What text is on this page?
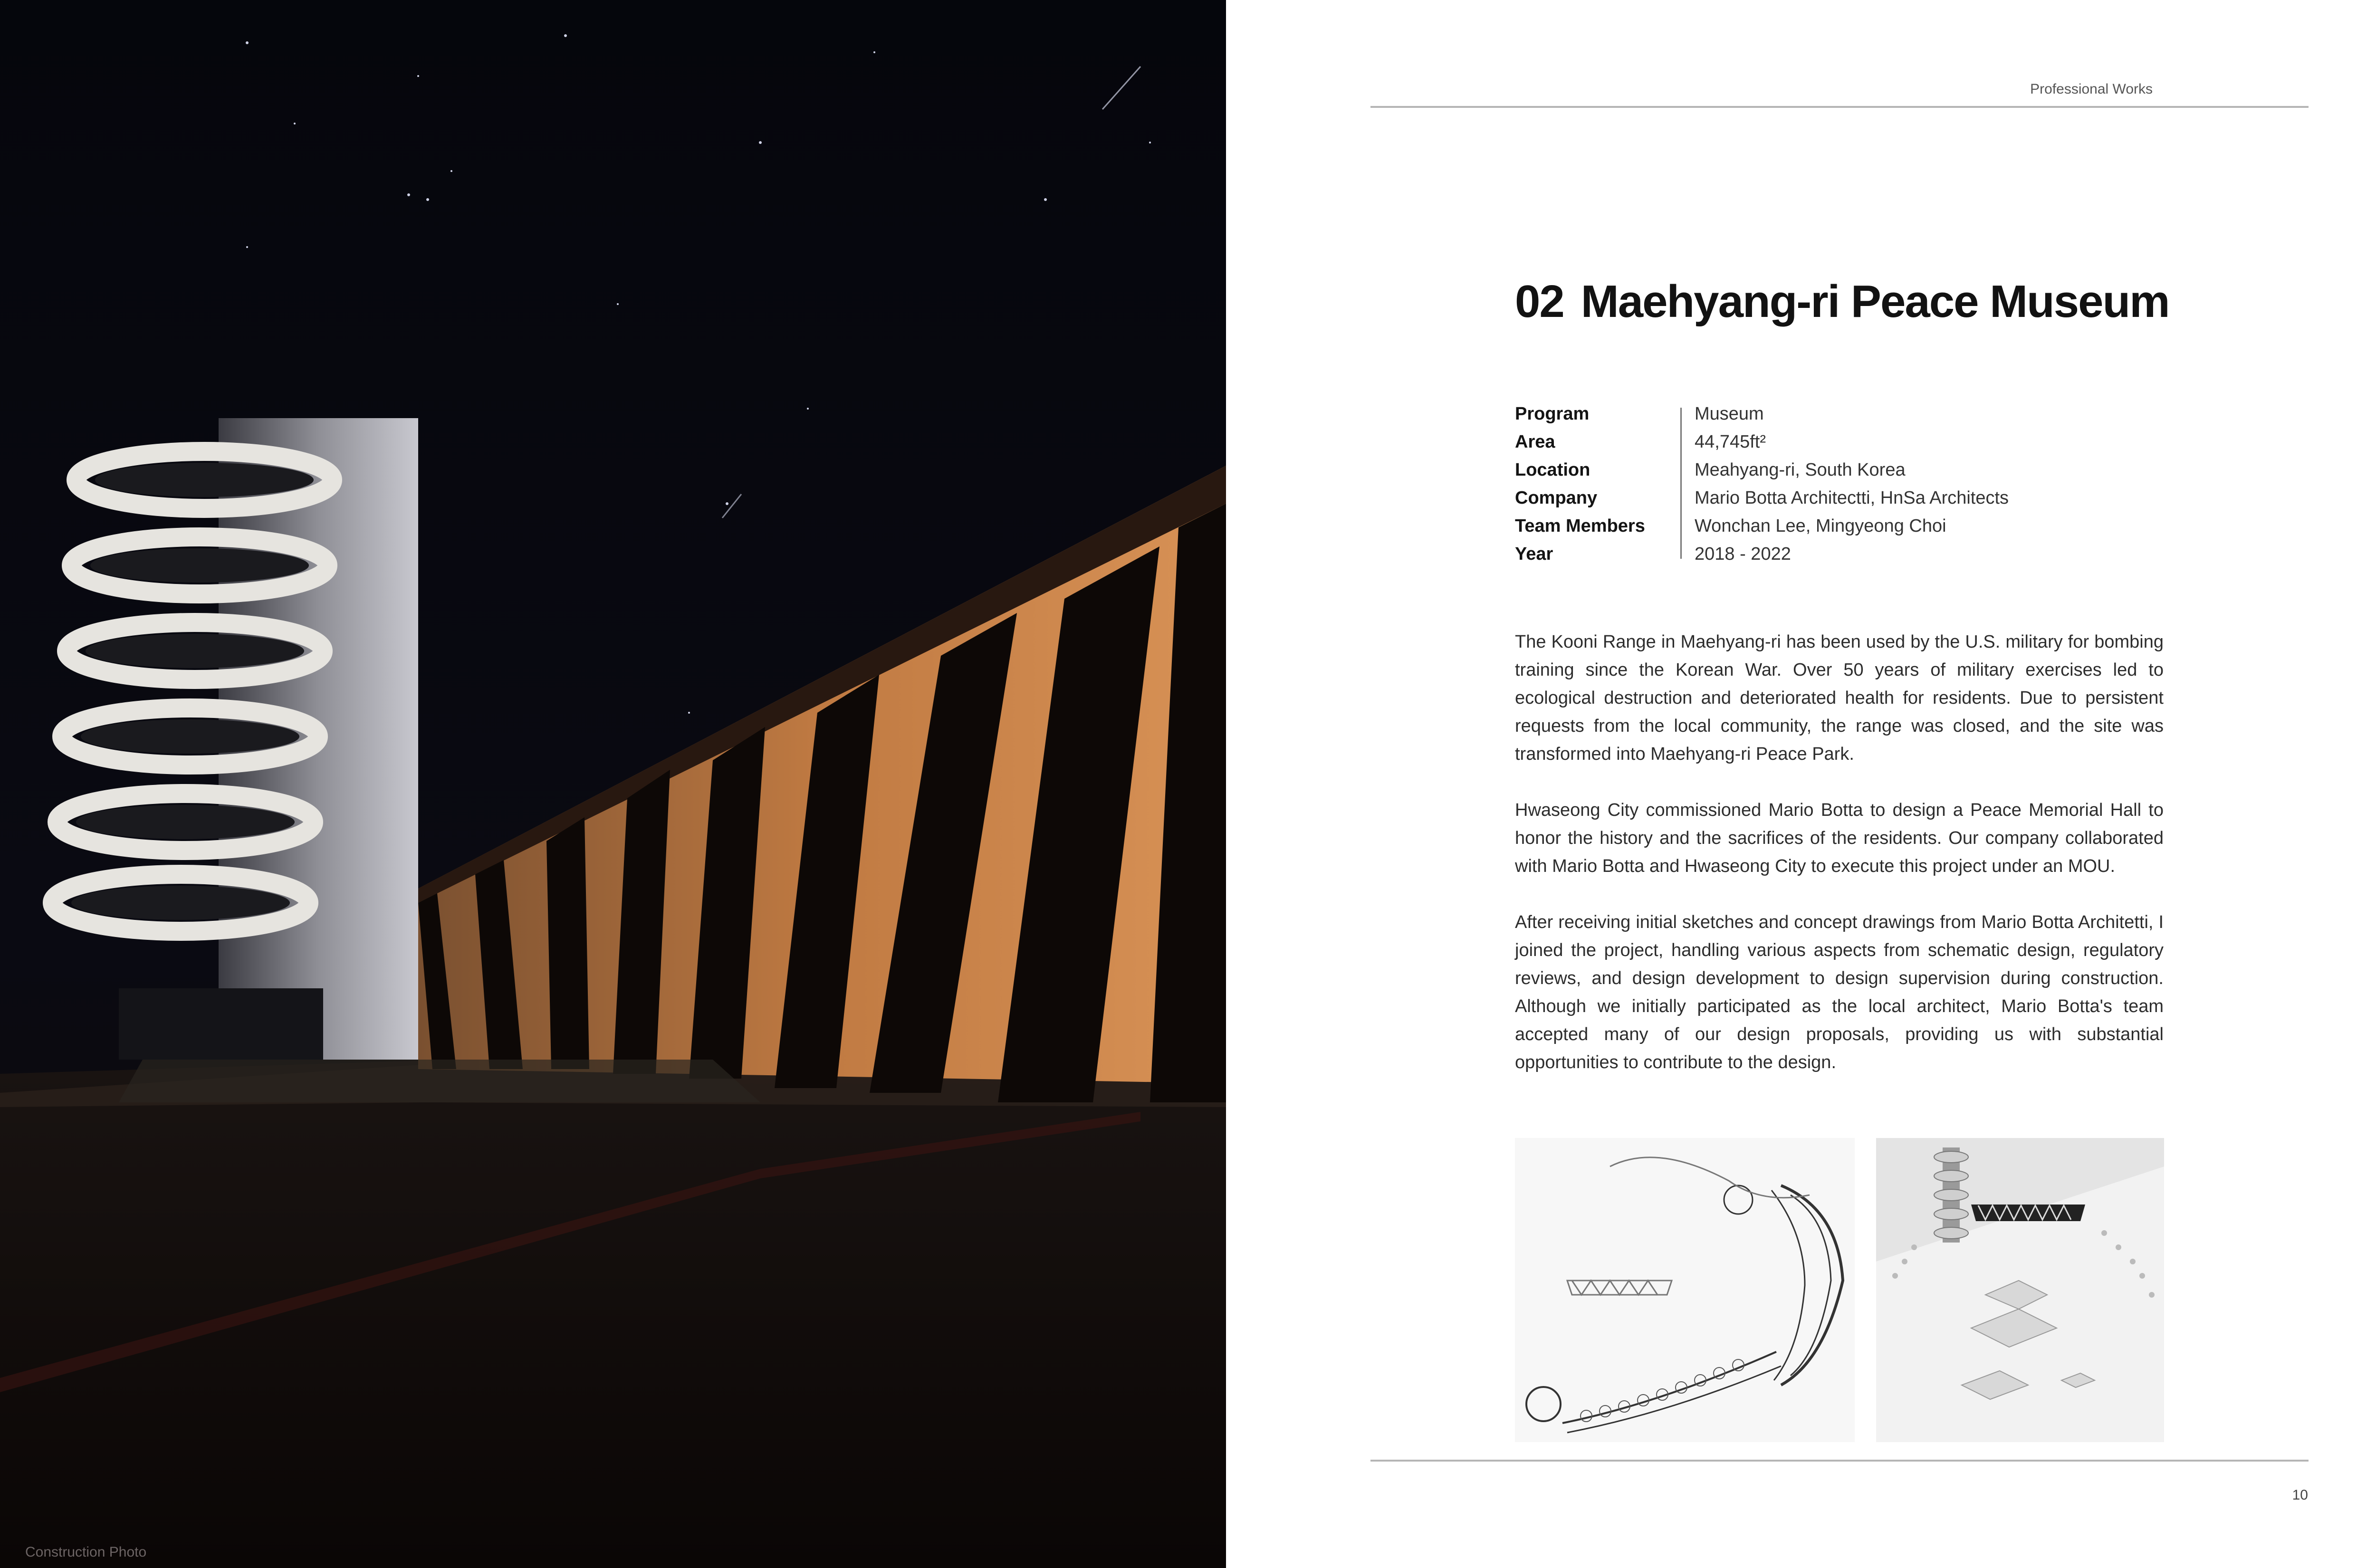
Construction Photo
Professional Works
02 Maehyang-ri Peace Museum
Program	Museum
Area	44,745ft²
Location	Meahyang-ri, South Korea
Company	Mario Botta Architectti, HnSa Architects
Team Members	Wonchan Lee, Mingyeong Choi
Year	2018 - 2022

The Kooni Range in Maehyang-ri has been used by the U.S. military for bombing training since the Korean War. Over 50 years of military exercises led to ecological destruction and deteriorated health for residents. Due to persistent requests from the local community, the range was closed, and the site was transformed into Maehyang-ri Peace Park.

Hwaseong City commissioned Mario Botta to design a Peace Memorial Hall to honor the history and the sacrifices of the residents. Our company collaborated with Mario Botta and Hwaseong City to execute this project under an MOU.

After receiving initial sketches and concept drawings from Mario Botta Architetti, I joined the project, handling various aspects from schematic design, regulatory reviews, and design development to design supervision during construction. Although we initially participated as the local architect, Mario Botta's team accepted many of our design proposals, providing us with substantial opportunities to contribute to the design.

10
